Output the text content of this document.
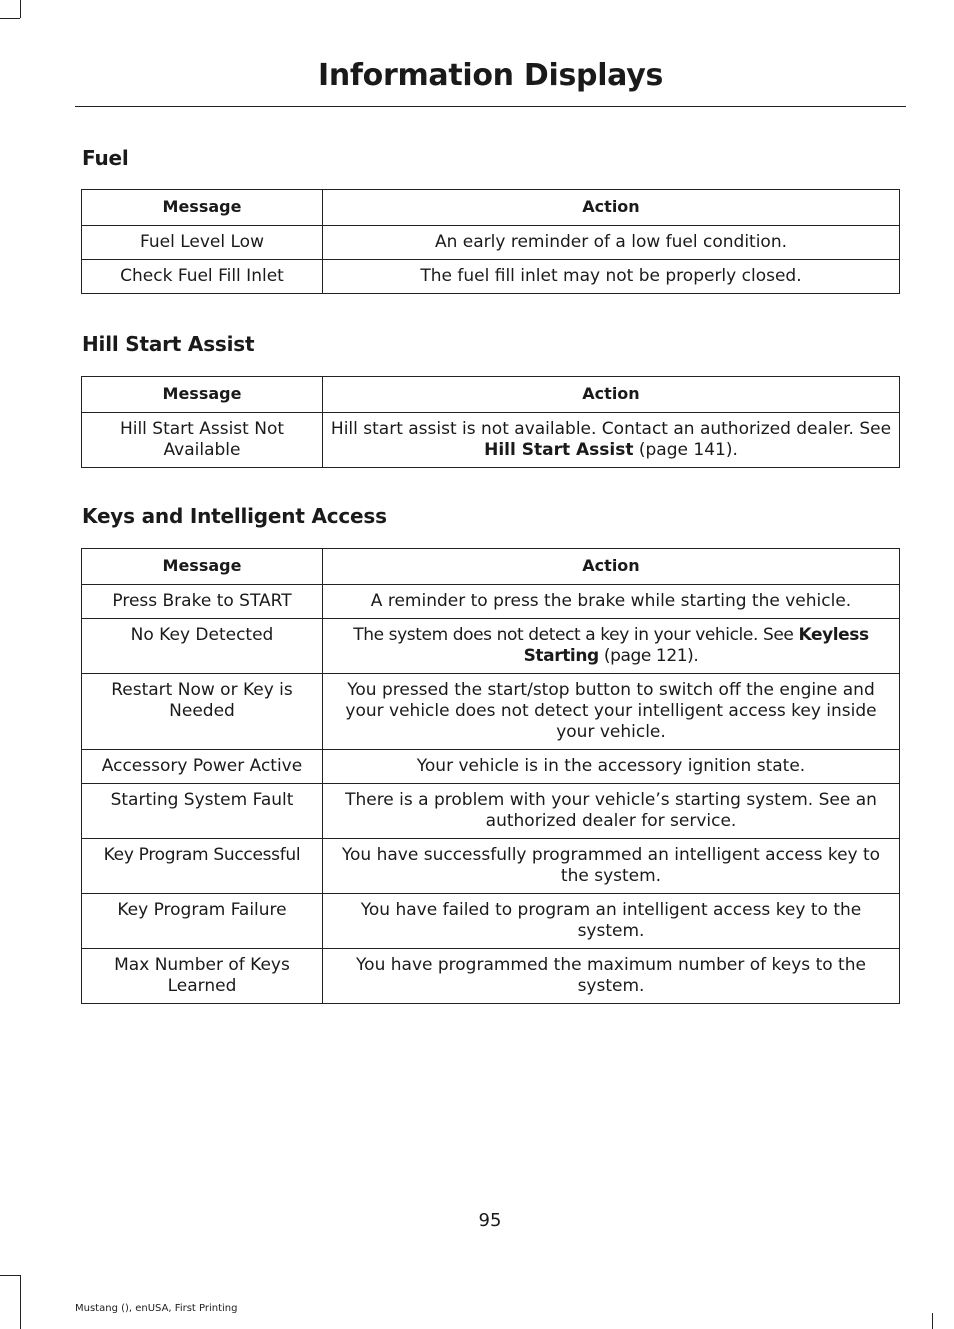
Information Displays
Fuel
Message	Action
Fuel Level Low	An early reminder of a low fuel condition.
Check Fuel Fill Inlet	The fuel fill inlet may not be properly closed.
Hill Start Assist
Message	Action
Hill Start Assist Not Available	Hill start assist is not available. Contact an authorized dealer. See Hill Start Assist (page 141).
Keys and Intelligent Access
Message	Action
Press Brake to START	A reminder to press the brake while starting the vehicle.
No Key Detected	The system does not detect a key in your vehicle. See Keyless Starting (page 121).
Restart Now or Key is Needed	You pressed the start/stop button to switch off the engine and your vehicle does not detect your intelligent access key inside your vehicle.
Accessory Power Active	Your vehicle is in the accessory ignition state.
Starting System Fault	There is a problem with your vehicle’s starting system. See an authorized dealer for service.
Key Program Successful	You have successfully programmed an intelligent access key to the system.
Key Program Failure	You have failed to program an intelligent access key to the system.
Max Number of Keys Learned	You have programmed the maximum number of keys to the system.
95
Mustang (), enUSA, First Printing
